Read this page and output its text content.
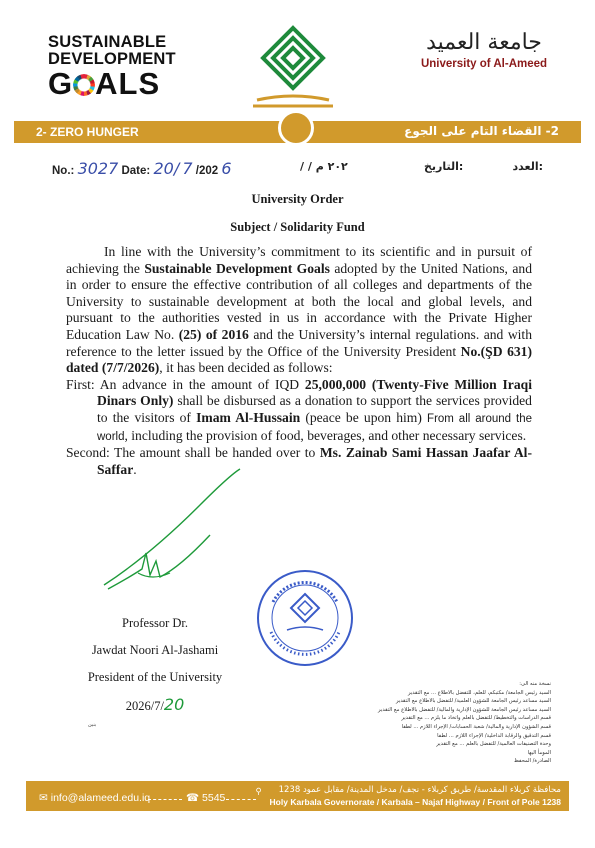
SUSTAINABLE
DEVELOPMENT
G ALS
جامعة العميد
University of Al-Ameed
2- ZERO HUNGER	2- القضاء التام على الجوع
No.: 3027 Date: 20/ 7 /202 6	/ / ٢٠٢ م	التاريخ:	العدد:
University Order
Subject / Solidarity Fund

In line with the University’s commitment to its scientific and in pursuit of achieving the Sustainable Development Goals adopted by the United Nations, and in order to ensure the effective contribution of all colleges and departments of the University to sustainable development at both the local and global levels, and pursuant to the authorities vested in us in accordance with the Private Higher Education Law No. (25) of 2016 and the University’s internal regulations. and with reference to the letter issued by the Office of the University President No.(ŞD 631) dated (7/7/2026), it has been decided as follows:

First: An advance in the amount of IQD 25,000,000 (Twenty-Five Million Iraqi Dinars Only) shall be disbursed as a donation to support the services provided to the visitors of Imam Al-Hussain (peace be upon him) From all around the world, including the provision of food, beverages, and other necessary services.

Second: The amount shall be handed over to Ms. Zainab Sami Hassan Jaafar Al-Saffar.

Professor Dr.
Jawdat Noori Al-Jashami
President of the University
2026/7/20
نسخة منه الى:
السيد رئيس الجامعة/ مكتبكم، للعلم، للتفضل بالاطلاع ... مع التقدير
السيد مساعد رئيس الجامعة للشؤون العلمية/ للتفضل بالاطلاع مع التقدير
السيد مساعد رئيس الجامعة للشؤون الإدارية والمالية/ للتفضل بالاطلاع مع التقدير
قسم الدراسات والتخطيط/ للتفضل بالعلم واتخاذ ما يلزم ... مع التقدير
قسم الشؤون الإدارية والمالية/ شعبة الحسابات/ الإجراء اللازم ... لطفا
قسم التدقيق والرقابة الداخلية/ الإجراء اللازم ... لطفا
وحدة التصنيفات العالمية/ للتفضل بالعلم ... مع التقدير
المومأ اليها
الصادرة/ المحفظ
بنين
✉ info@alameed.edu.iq	☎ 5545	⚲	محافظة كربلاء المقدسة/ طريق كربلاء - نجف/ مدخل المدينة/ مقابل عمود 1238
Holy Karbala Governorate / Karbala – Najaf Highway / Front of Pole 1238
